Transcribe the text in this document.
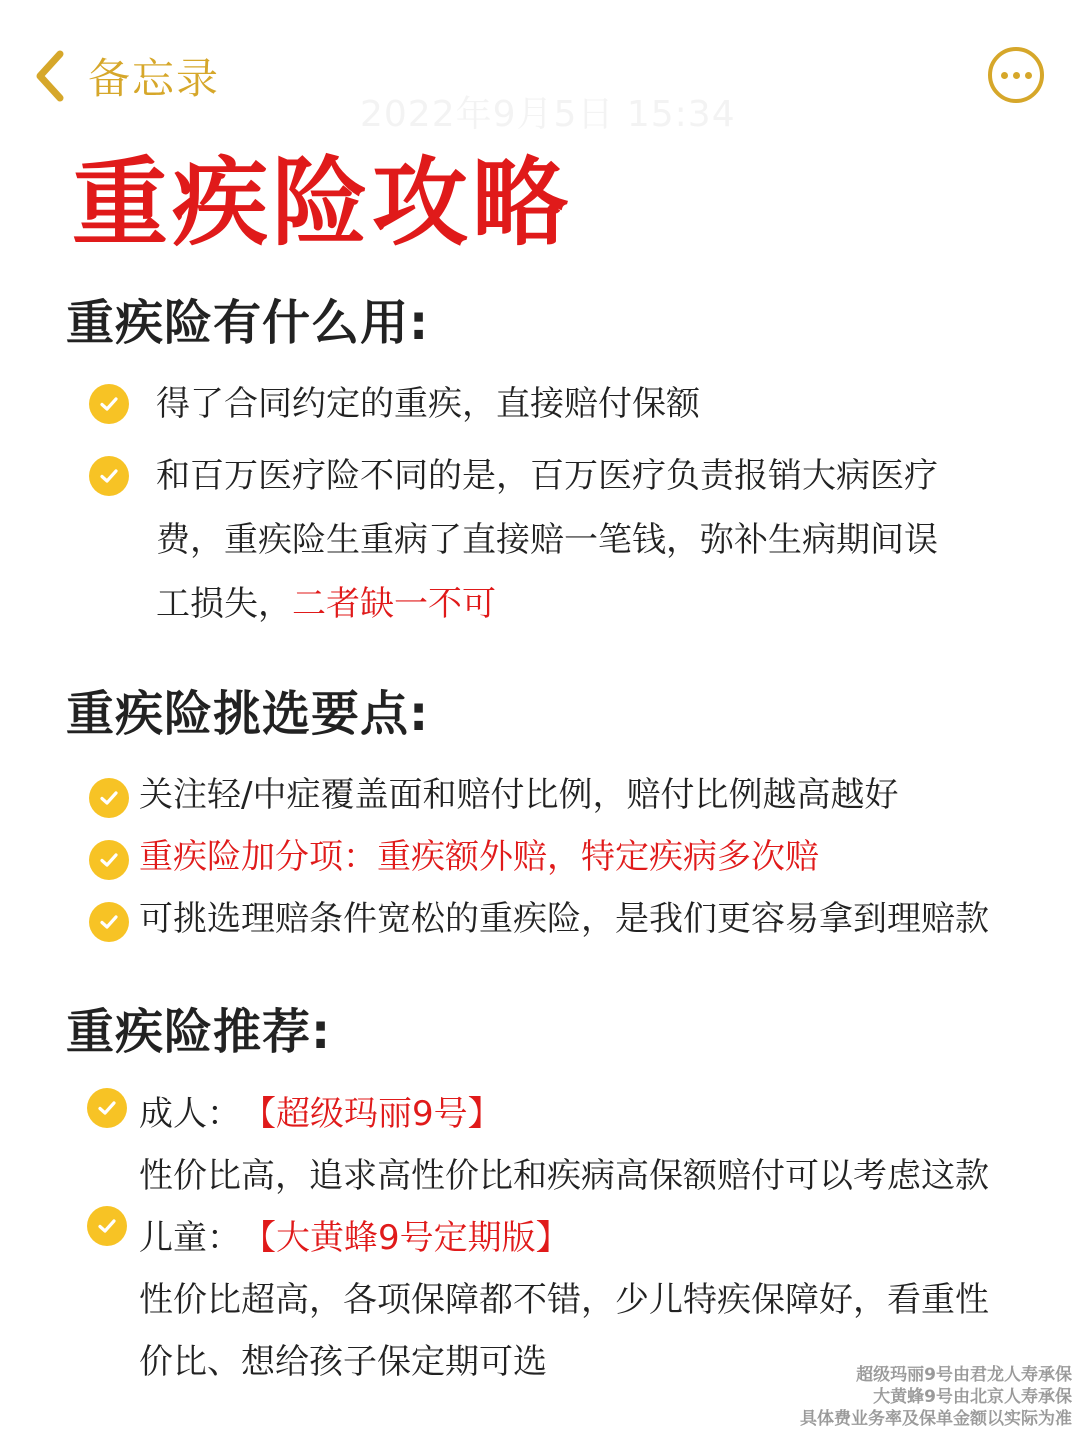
备忘录
2022年9月5日 15:34
重疾险攻略
重疾险有什么用:
得了合同约定的重疾，直接赔付保额
和百万医疗险不同的是，百万医疗负责报销大病医疗
费，重疾险生重病了直接赔一笔钱，弥补生病期间误
工损失，二者缺一不可
重疾险挑选要点:
关注轻/中症覆盖面和赔付比例，赔付比例越高越好
重疾险加分项：重疾额外赔，特定疾病多次赔
可挑选理赔条件宽松的重疾险，是我们更容易拿到理赔款
重疾险推荐:
成人： 【超级玛丽9号】
性价比高，追求高性价比和疾病高保额赔付可以考虑这款
儿童： 【大黄蜂9号定期版】
性价比超高，各项保障都不错，少儿特疾保障好，看重性
价比、想给孩子保定期可选	超级玛丽9号由君龙人寿承保
大黄蜂9号由北京人寿承保
具体费业务率及保单金额以实际为准
